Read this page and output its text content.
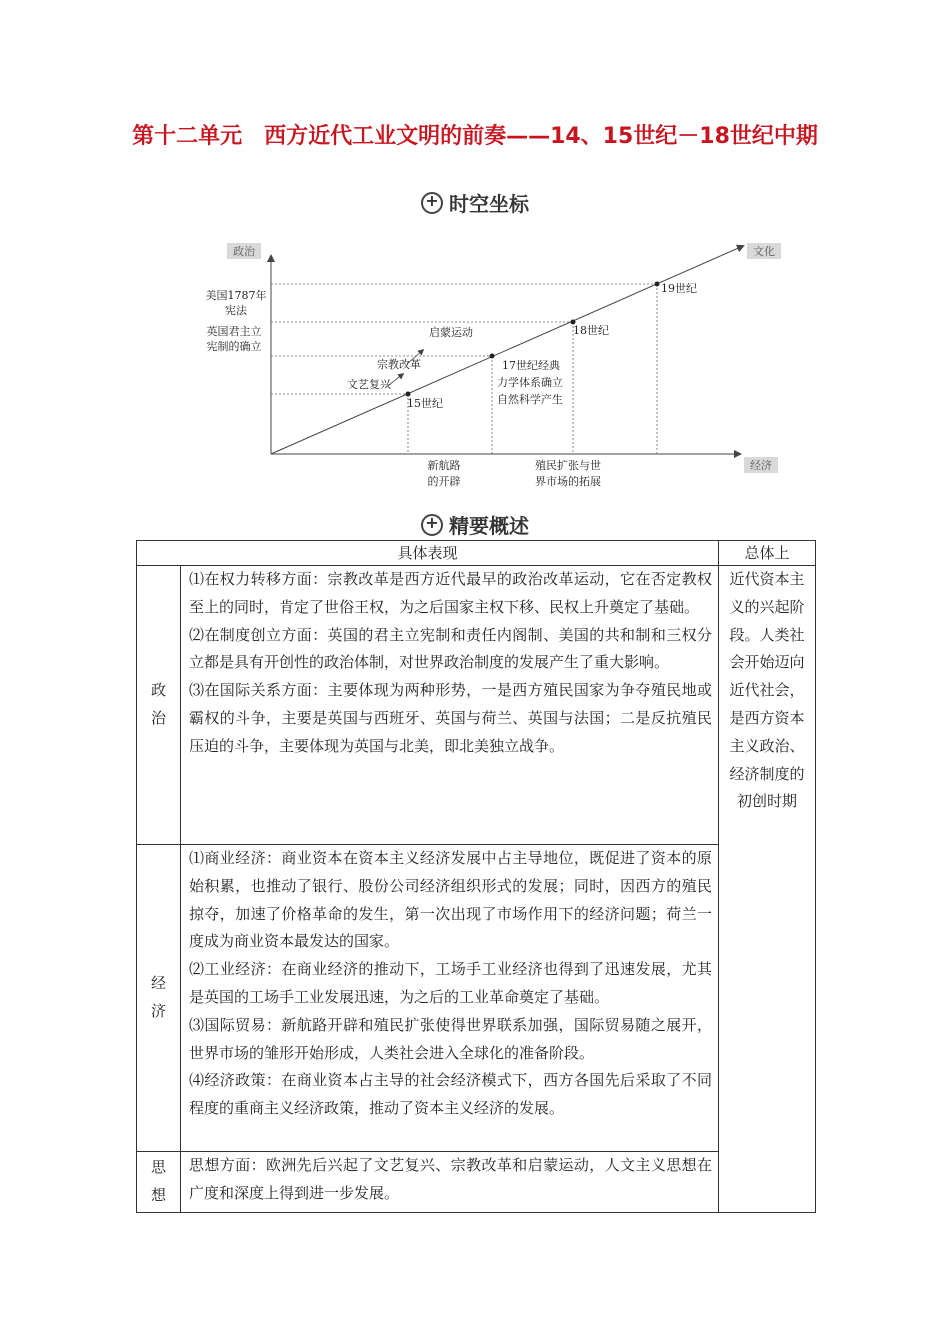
第十二单元　西方近代工业文明的前奏——14、15世纪－18世纪中期
+时空坐标
政治	文化
经济
美国1787年
宪法
英国君主立
宪制的确立
启蒙运动
宗教改革
文艺复兴
15世纪
17世纪经典
力学体系确立
自然科学产生
18世纪
19世纪
新航路
的开辟
殖民扩张与世
界市场的拓展
+精要概述
具体表现		总体上
政治	⑴在权力转移方面：宗教改革是西方近代最早的政治改革运动，它在否定教权至上的同时，肯定了世俗王权，为之后国家主权下移、民权上升奠定了基础。

⑵在制度创立方面：英国的君主立宪制和责任内阁制、美国的共和制和三权分立都是具有开创性的政治体制，对世界政治制度的发展产生了重大影响。

⑶在国际关系方面：主要体现为两种形势，一是西方殖民国家为争夺殖民地或霸权的斗争，主要是英国与西班牙、英国与荷兰、英国与法国；二是反抗殖民压迫的斗争，主要体现为英国与北美，即北美独立战争。	近代资本主义的兴起阶段。人类社会开始迈向近代社会，是西方资本主义政治、经济制度的初创时期
经济	⑴商业经济：商业资本在资本主义经济发展中占主导地位，既促进了资本的原始积累，也推动了银行、股份公司经济组织形式的发展；同时，因西方的殖民掠夺，加速了价格革命的发生，第一次出现了市场作用下的经济问题；荷兰一度成为商业资本最发达的国家。

⑵工业经济：在商业经济的推动下，工场手工业经济也得到了迅速发展，尤其是英国的工场手工业发展迅速，为之后的工业革命奠定了基础。

⑶国际贸易：新航路开辟和殖民扩张使得世界联系加强，国际贸易随之展开，世界市场的雏形开始形成，人类社会进入全球化的准备阶段。

⑷经济政策：在商业资本占主导的社会经济模式下，西方各国先后采取了不同程度的重商主义经济政策，推动了资本主义经济的发展。	

思想	思想方面：欧洲先后兴起了文艺复兴、宗教改革和启蒙运动，人文主义思想在广度和深度上得到进一步发展。	
